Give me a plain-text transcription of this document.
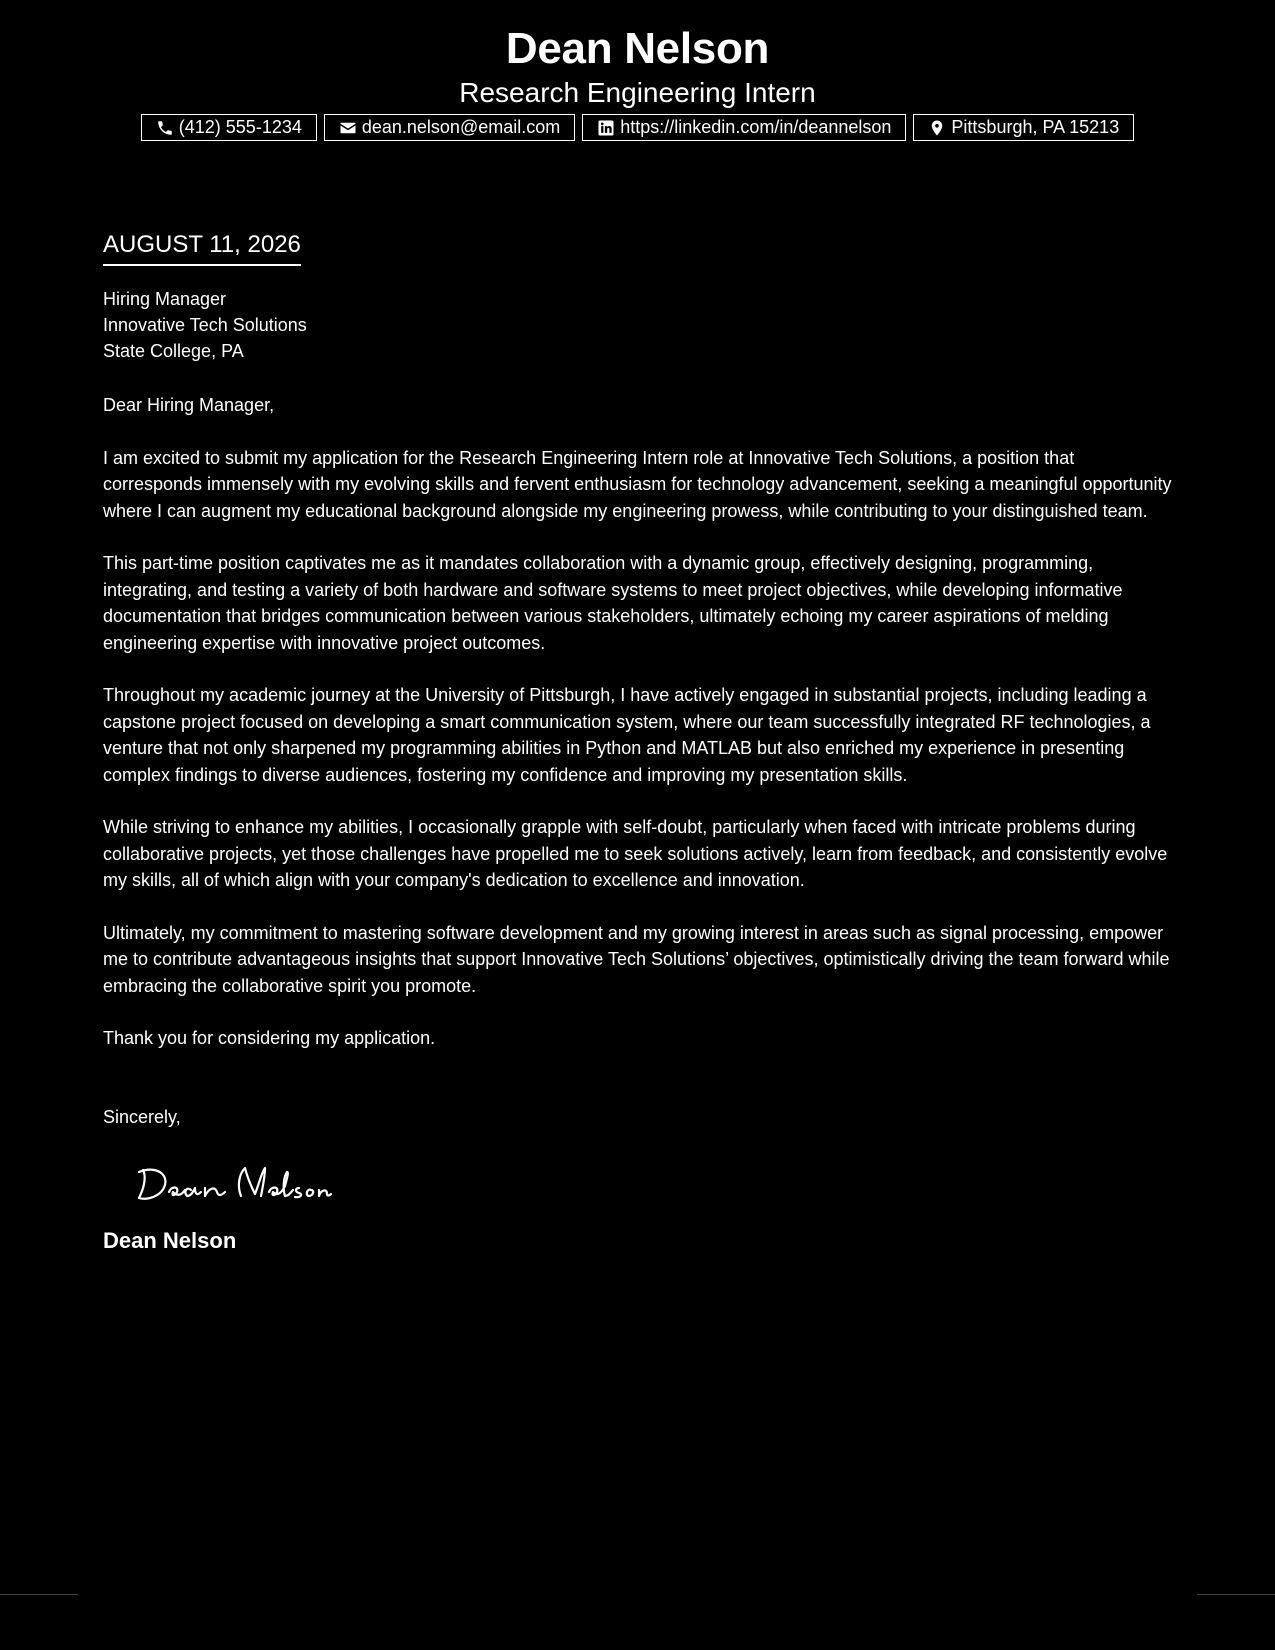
Dean Nelson
Research Engineering Intern
(412) 555-1234	dean.nelson@email.com	https://linkedin.com/in/deannelson	Pittsburgh, PA 15213
AUGUST 11, 2026
Hiring Manager
Innovative Tech Solutions
State College, PA
Dear Hiring Manager,

I am excited to submit my application for the Research Engineering Intern role at Innovative Tech Solutions, a position that corresponds immensely with my evolving skills and fervent enthusiasm for technology advancement, seeking a meaningful opportunity where I can augment my educational background alongside my engineering prowess, while contributing to your distinguished team.

This part-time position captivates me as it mandates collaboration with a dynamic group, effectively designing, programming, integrating, and testing a variety of both hardware and software systems to meet project objectives, while developing informative documentation that bridges communication between various stakeholders, ultimately echoing my career aspirations of melding engineering expertise with innovative project outcomes.

Throughout my academic journey at the University of Pittsburgh, I have actively engaged in substantial projects, including leading a capstone project focused on developing a smart communication system, where our team successfully integrated RF technologies, a venture that not only sharpened my programming abilities in Python and MATLAB but also enriched my experience in presenting complex findings to diverse audiences, fostering my confidence and improving my presentation skills.

While striving to enhance my abilities, I occasionally grapple with self-doubt, particularly when faced with intricate problems during collaborative projects, yet those challenges have propelled me to seek solutions actively, learn from feedback, and consistently evolve my skills, all of which align with your company's dedication to excellence and innovation.

Ultimately, my commitment to mastering software development and my growing interest in areas such as signal processing, empower me to contribute advantageous insights that support Innovative Tech Solutions’ objectives, optimistically driving the team forward while embracing the collaborative spirit you promote.

Thank you for considering my application.

Sincerely,
Dean Nelson
